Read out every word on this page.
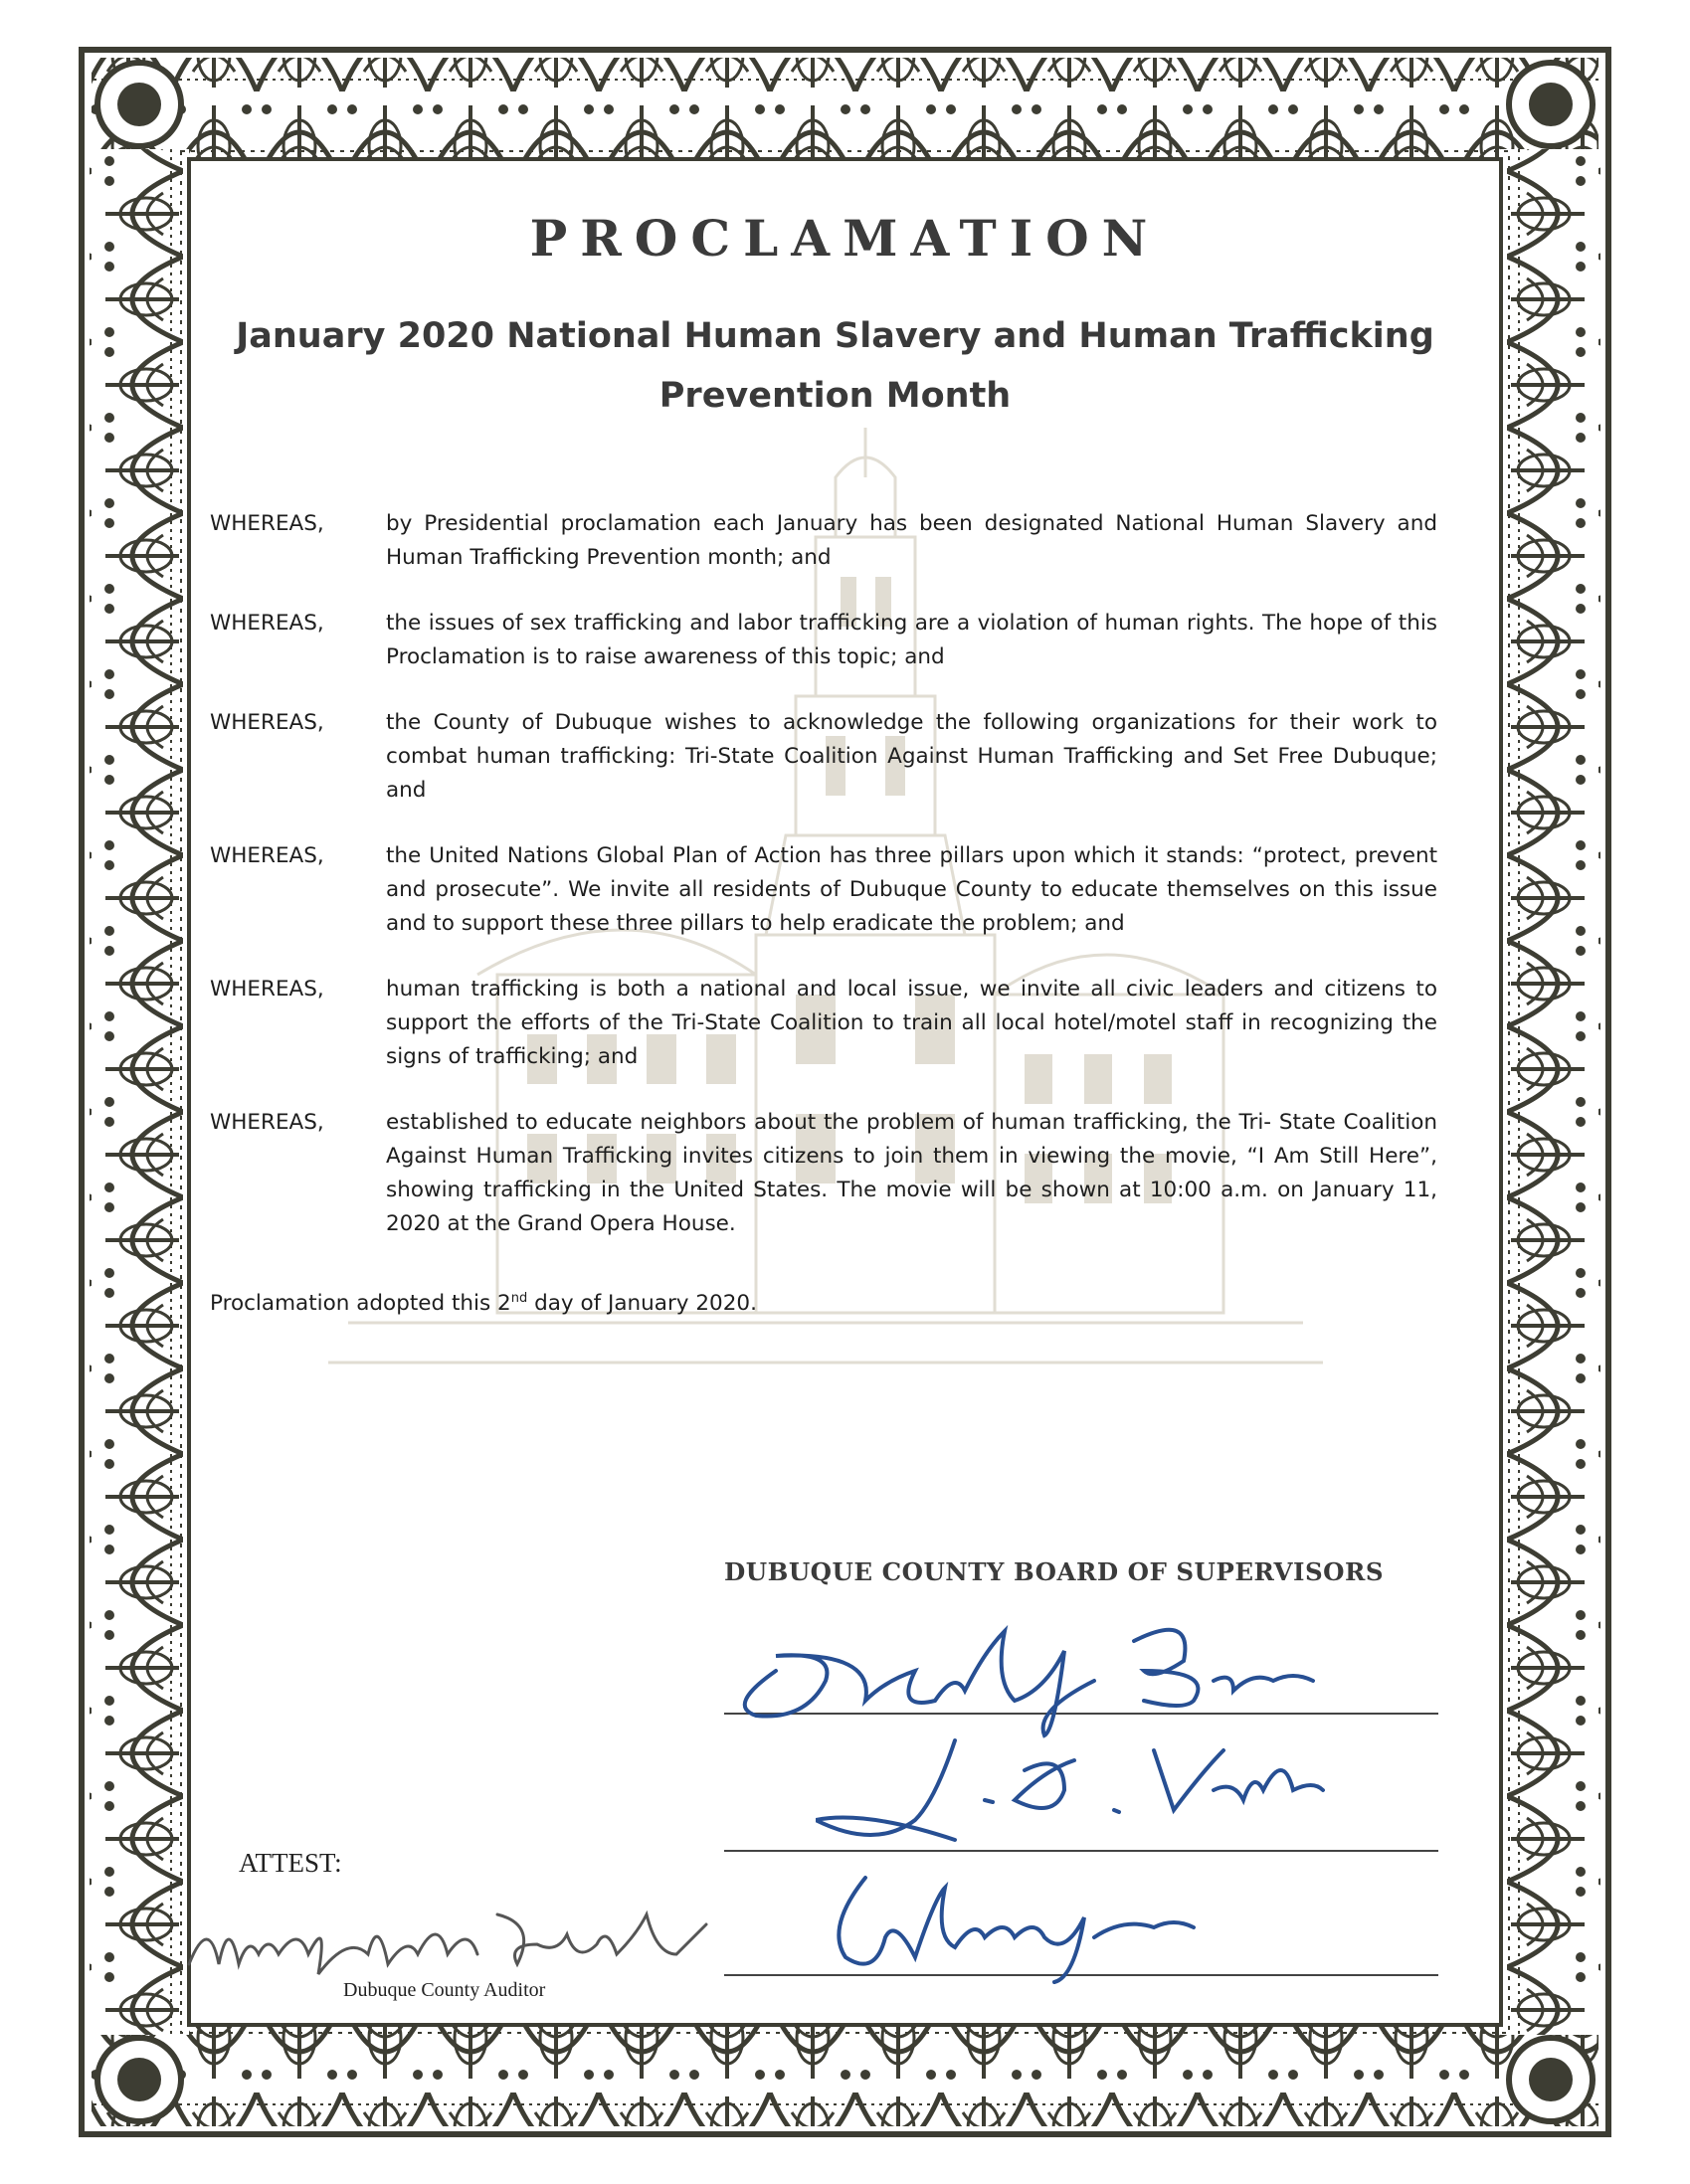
PROCLAMATION
January 2020 National Human Slavery and Human Trafficking
Prevention Month
WHEREAS,	by Presidential proclamation each January has been designated National Human Slavery and Human Trafficking Prevention month; and
WHEREAS,	the issues of sex trafficking and labor trafficking are a violation of human rights. The hope of this Proclamation is to raise awareness of this topic; and
WHEREAS,	the County of Dubuque wishes to acknowledge the following organizations for their work to combat human trafficking: Tri-State Coalition Against Human Trafficking and Set Free Dubuque; and
WHEREAS,	the United Nations Global Plan of Action has three pillars upon which it stands: “protect, prevent and prosecute”. We invite all residents of Dubuque County to educate themselves on this issue and to support these three pillars to help eradicate the problem; and
WHEREAS,	human trafficking is both a national and local issue, we invite all civic leaders and citizens to support the efforts of the Tri-State Coalition to train all local hotel/motel staff in recognizing the signs of trafficking; and
WHEREAS,	established to educate neighbors about the problem of human trafficking, the Tri- State Coalition Against Human Trafficking invites citizens to join them in viewing the movie, “I Am Still Here”, showing trafficking in the United States. The movie will be shown at 10:00 a.m. on January 11, 2020 at the Grand Opera House.
Proclamation adopted this 2nd day of January 2020.
DUBUQUE COUNTY BOARD OF SUPERVISORS
ATTEST:
Dubuque County Auditor
